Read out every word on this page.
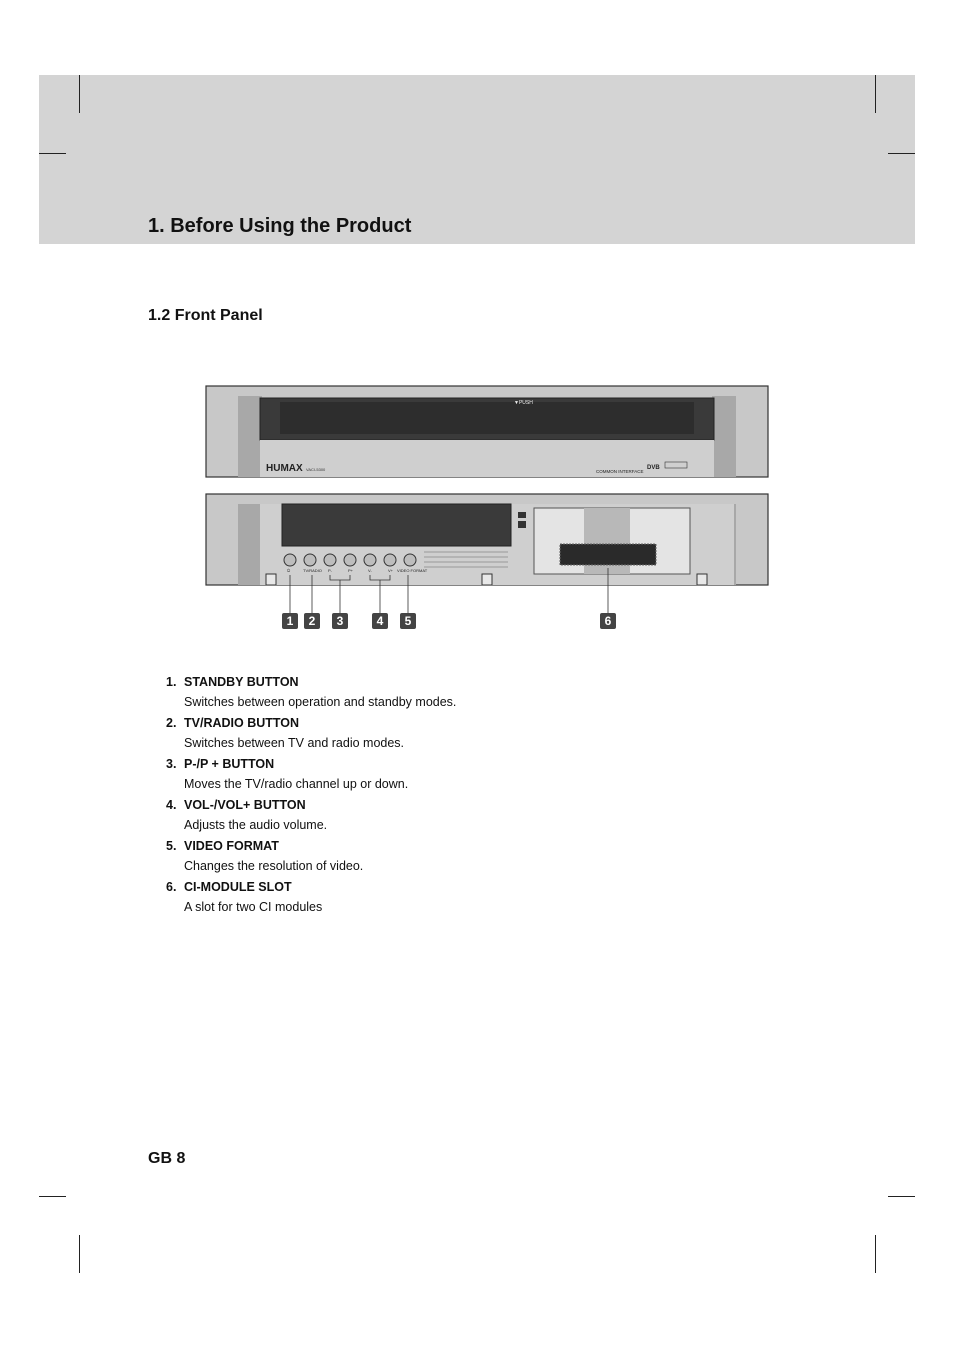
1. Before Using the Product
1.2 Front Panel
▼PUSH
HUMAX VACI-5300	COMMON INTERFACE
DVB
⏻	TV/RADIO P-	P+	V-	V+ VIDEO FORMAT
1 2 3	4 5	6
1. STANDBY BUTTON
Switches between operation and standby modes.
2. TV/RADIO BUTTON
Switches between TV and radio modes.
3. P-/P + BUTTON
Moves the TV/radio channel up or down.
4. VOL-/VOL+ BUTTON
Adjusts the audio volume.
5. VIDEO FORMAT
Changes the resolution of video.
6. CI-MODULE SLOT
A slot for two CI modules
GB 8
